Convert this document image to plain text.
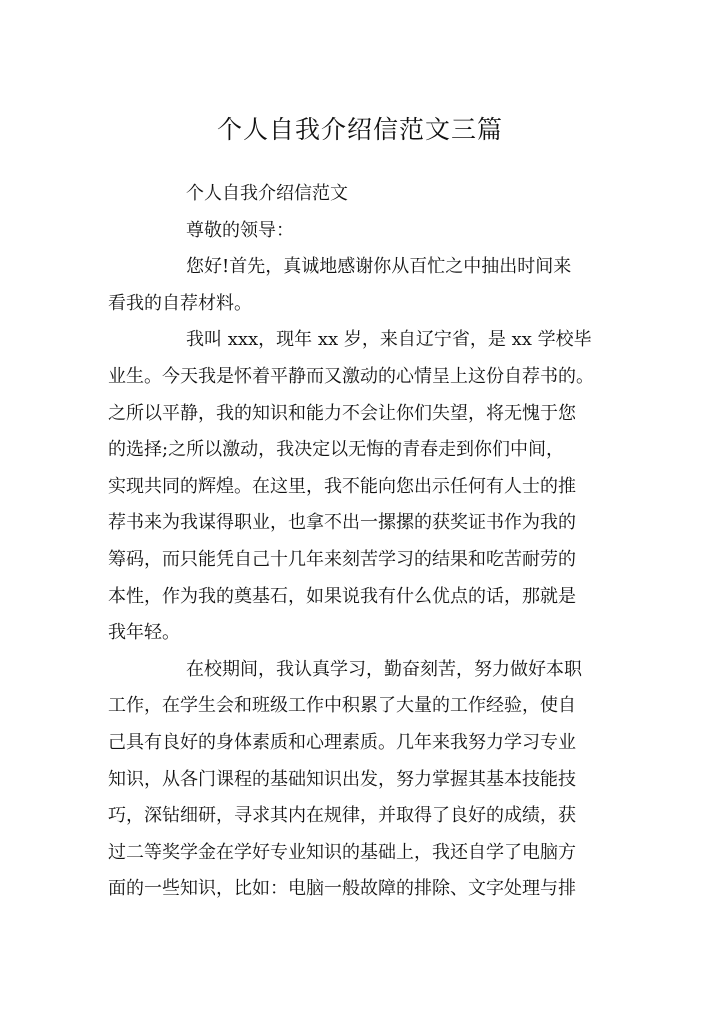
个人自我介绍信范文三篇

个人自我介绍信范文

尊敬的领导：

您好!首先，真诚地感谢你从百忙之中抽出时间来
看我的自荐材料。

我叫 xxx，现年 xx 岁，来自辽宁省，是 xx 学校毕
业生。今天我是怀着平静而又激动的心情呈上这份自荐书的。
之所以平静，我的知识和能力不会让你们失望，将无愧于您
的选择;之所以激动，我决定以无悔的青春走到你们中间，
实现共同的辉煌。在这里，我不能向您出示任何有人士的推
荐书来为我谋得职业，也拿不出一摞摞的获奖证书作为我的
筹码，而只能凭自己十几年来刻苦学习的结果和吃苦耐劳的
本性，作为我的奠基石，如果说我有什么优点的话，那就是
我年轻。

在校期间，我认真学习，勤奋刻苦，努力做好本职
工作，在学生会和班级工作中积累了大量的工作经验，使自
己具有良好的身体素质和心理素质。几年来我努力学习专业
知识，从各门课程的基础知识出发，努力掌握其基本技能技
巧，深钻细研，寻求其内在规律，并取得了良好的成绩，获
过二等奖学金在学好专业知识的基础上，我还自学了电脑方
面的一些知识，比如：电脑一般故障的排除、文字处理与排
